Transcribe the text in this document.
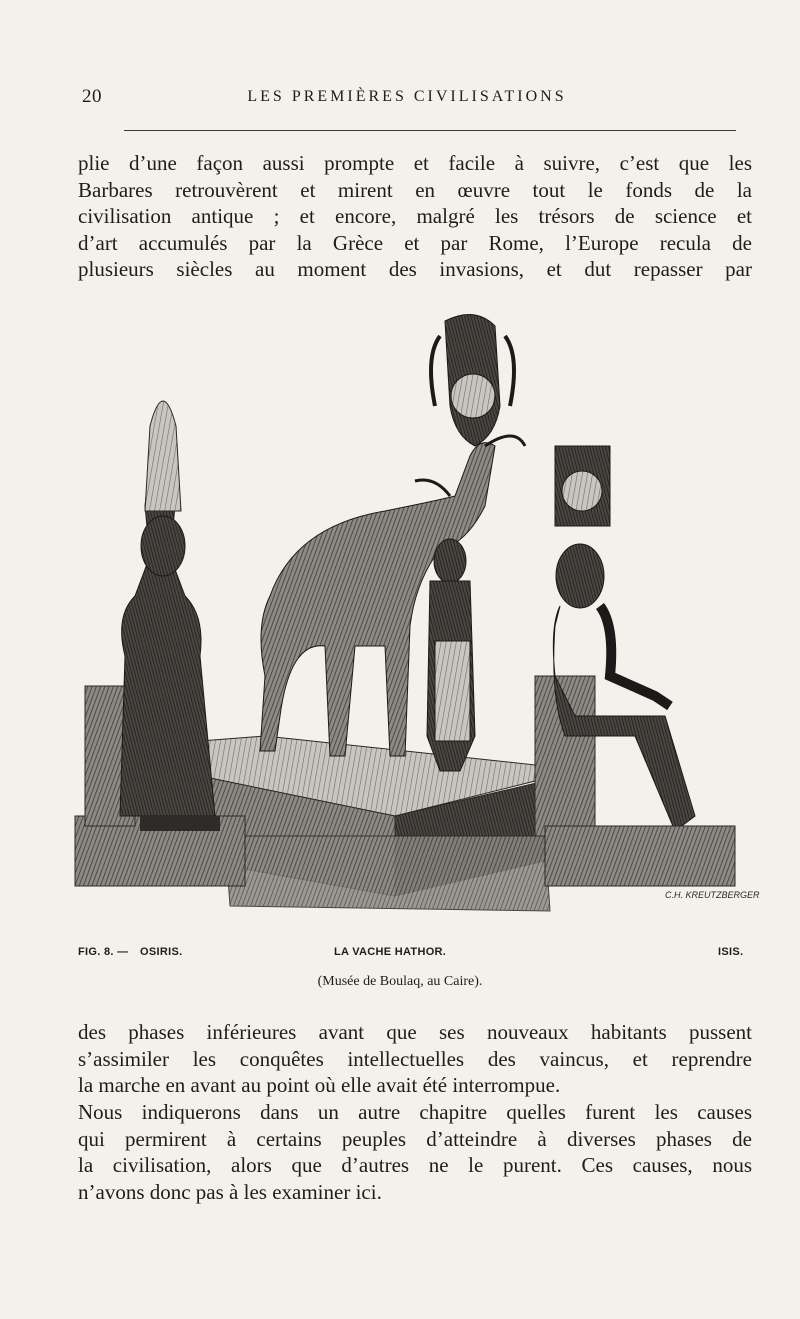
20	LES PREMIÈRES CIVILISATIONS

plie d’une façon aussi prompte et facile à suivre, c’est que les
Barbares retrouvèrent et mirent en œuvre tout le fonds de la
civilisation antique ; et encore, malgré les trésors de science et
d’art accumulés par la Grèce et par Rome, l’Europe recula de
plusieurs siècles au moment des invasions, et dut repasser par

C.H. KREUTZBERGER
FIG. 8. — OSIRIS.	LA VACHE HATHOR.	ISIS.
(Musée de Boulaq, au Caire).

des phases inférieures avant que ses nouveaux habitants pussent
s’assimiler les conquêtes intellectuelles des vaincus, et reprendre
la marche en avant au point où elle avait été interrompue.

Nous indiquerons dans un autre chapitre quelles furent les causes
qui permirent à certains peuples d’atteindre à diverses phases de
la civilisation, alors que d’autres ne le purent. Ces causes, nous
n’avons donc pas à les examiner ici.
